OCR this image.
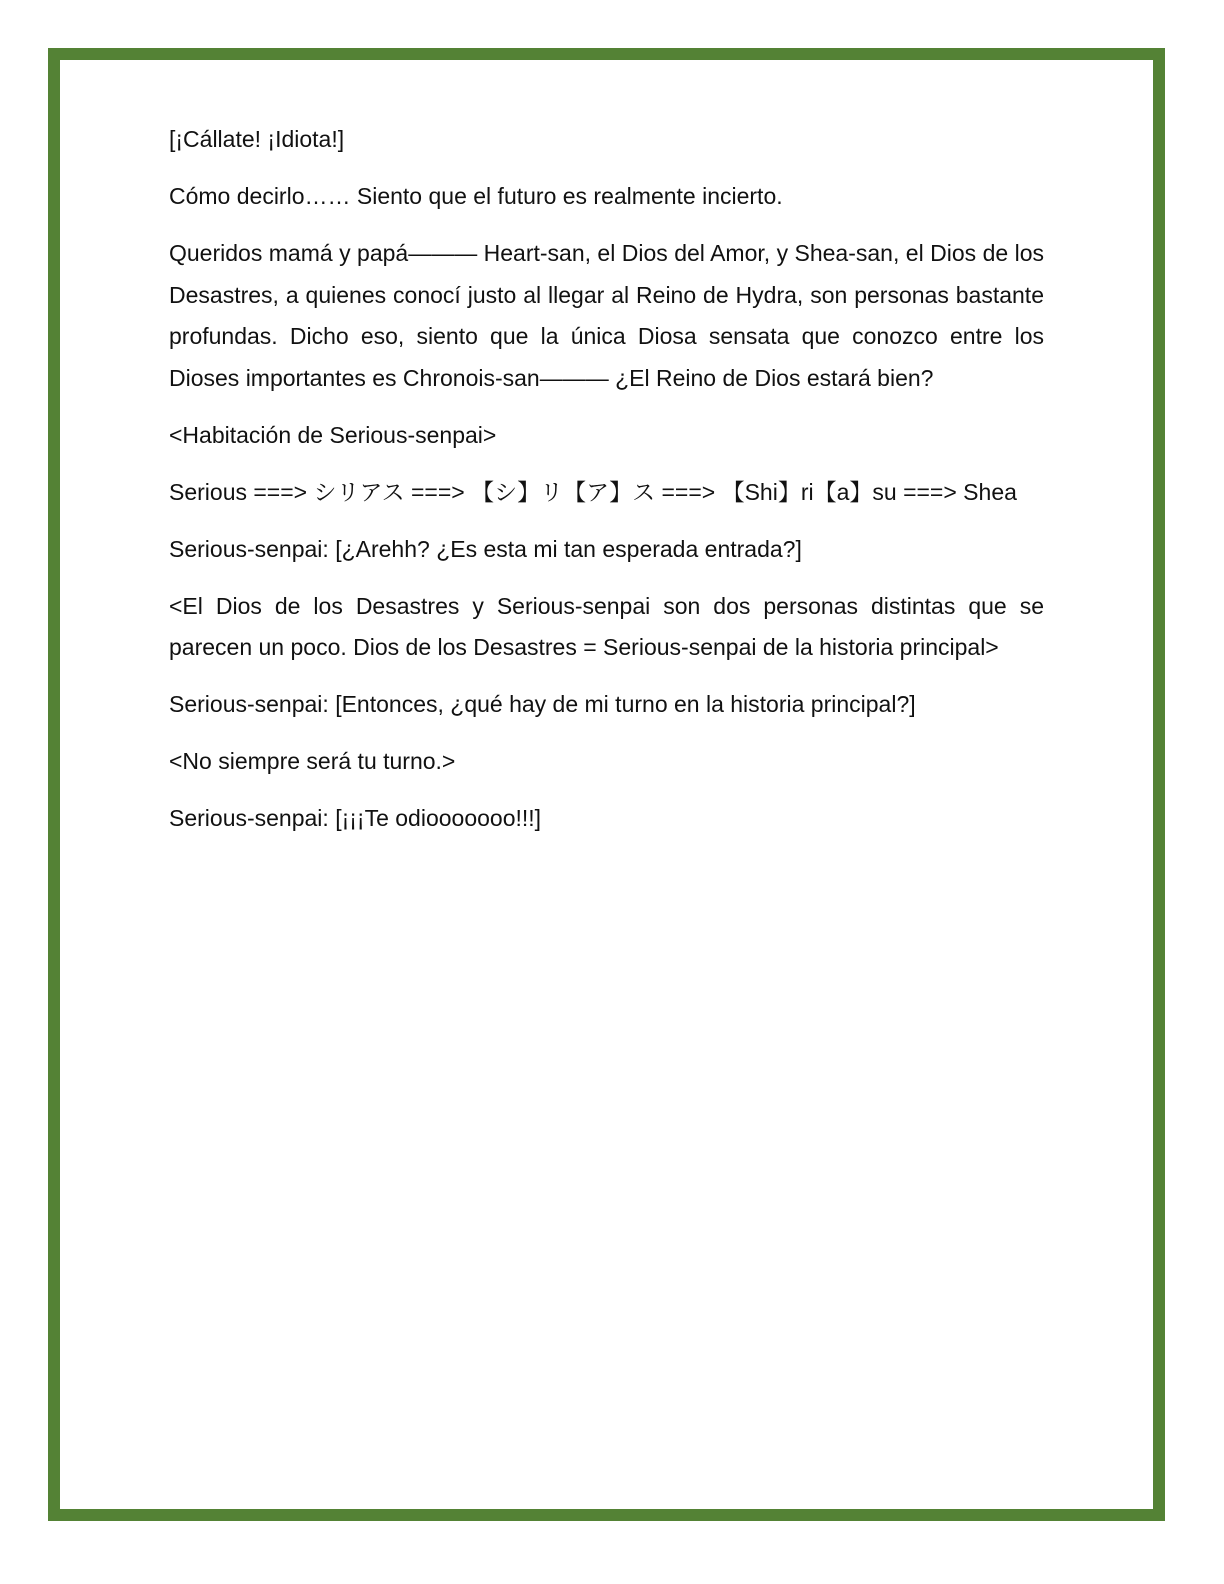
[¡Cállate! ¡Idiota!]

Cómo decirlo…… Siento que el futuro es realmente incierto.

Queridos mamá y papá——— Heart-san, el Dios del Amor, y Shea-san, el Dios de los Desastres, a quienes conocí justo al llegar al Reino de Hydra, son personas bastante profundas. Dicho eso, siento que la única Diosa sensata que conozco entre los Dioses importantes es Chronois-san——— ¿El Reino de Dios estará bien?

<Habitación de Serious-senpai>

Serious ===> シリアス ===> 【シ】リ【ア】ス ===> 【Shi】ri【a】su ===> Shea

Serious-senpai: [¿Arehh? ¿Es esta mi tan esperada entrada?]

<El Dios de los Desastres y Serious-senpai son dos personas distintas que se parecen un poco. Dios de los Desastres = Serious-senpai de la historia principal>

Serious-senpai: [Entonces, ¿qué hay de mi turno en la historia principal?]

<No siempre será tu turno.>

Serious-senpai: [¡¡¡Te odiooooooo!!!]
